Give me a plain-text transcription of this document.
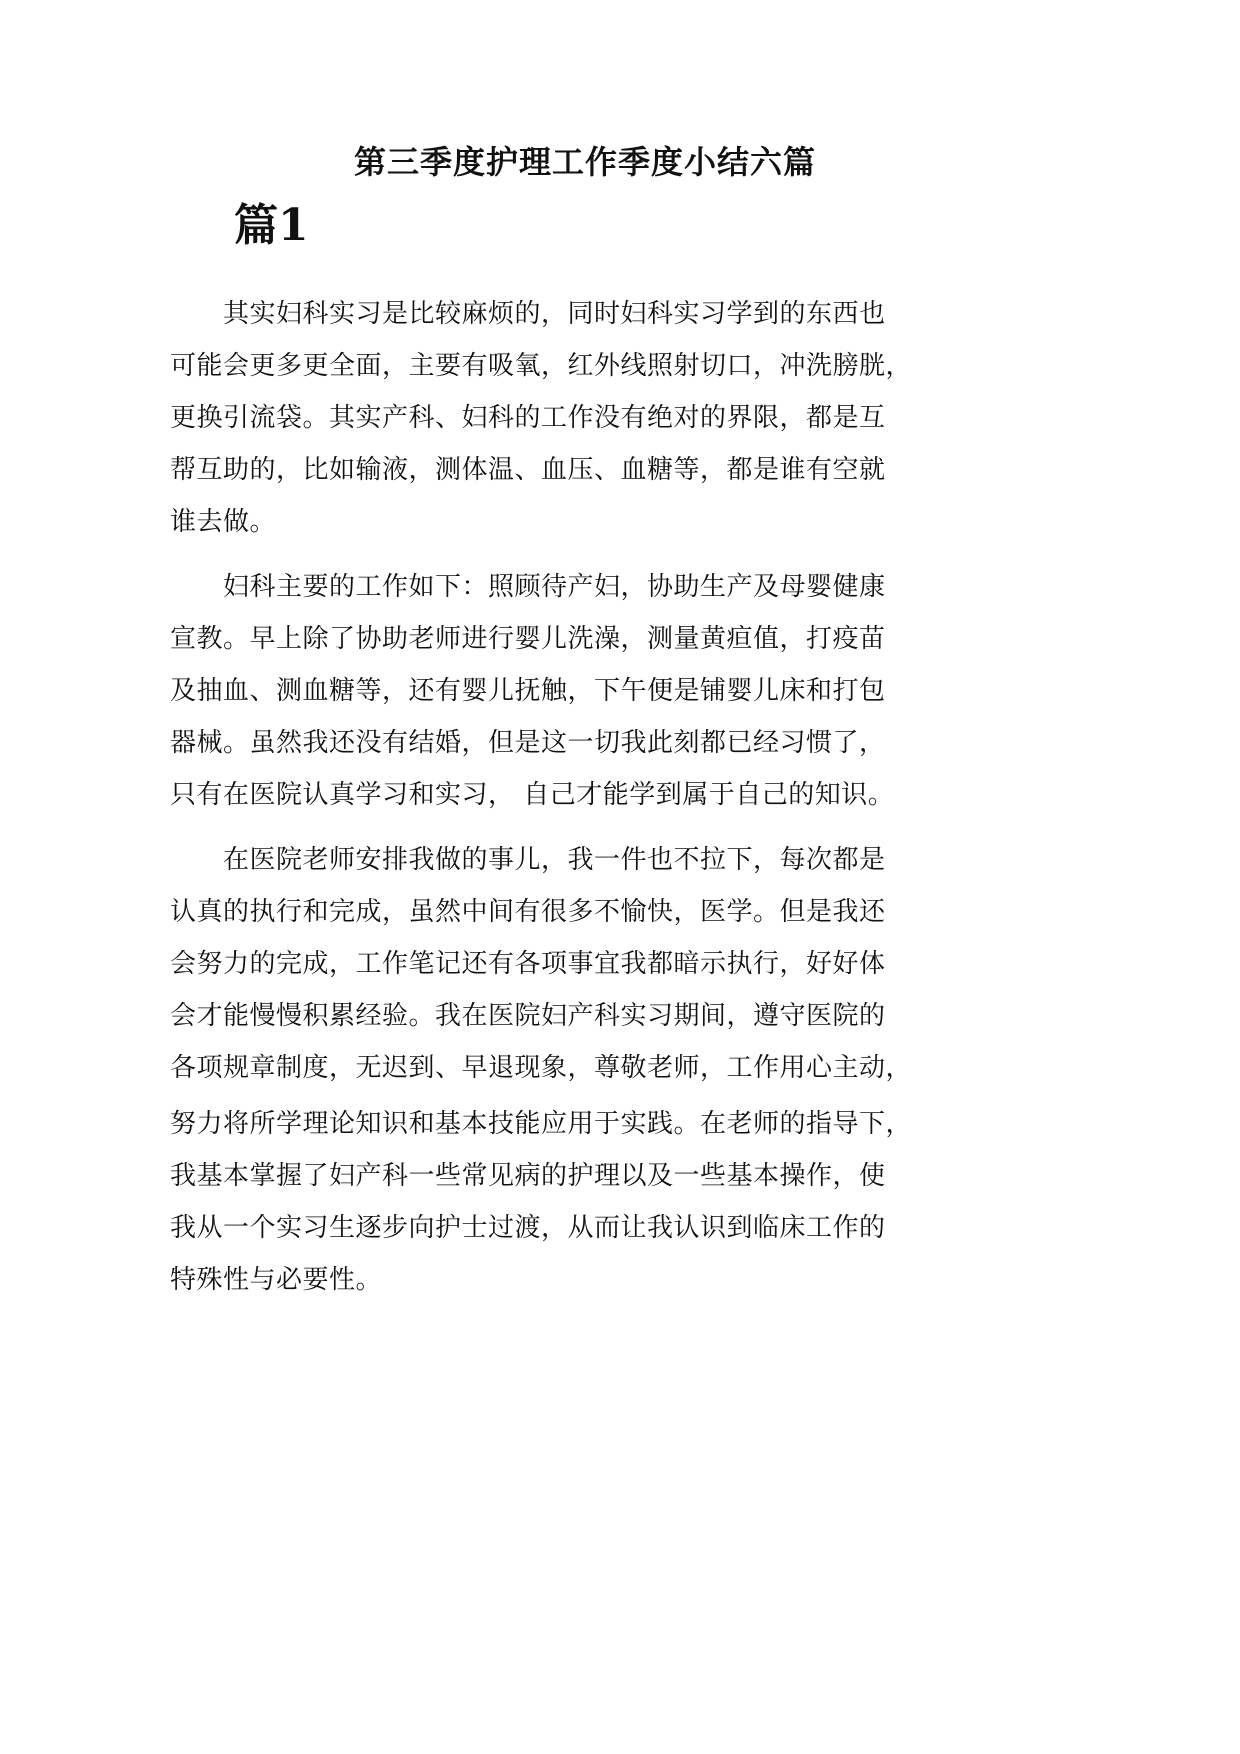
第三季度护理工作季度小结六篇
篇1
　　其实妇科实习是比较麻烦的，同时妇科实习学到的东西也
可能会更多更全面，主要有吸氧，红外线照射切口，冲洗膀胱，
更换引流袋。其实产科、妇科的工作没有绝对的界限，都是互
帮互助的，比如输液，测体温、血压、血糖等，都是谁有空就
谁去做。
　　妇科主要的工作如下：照顾待产妇，协助生产及母婴健康
宣教。早上除了协助老师进行婴儿洗澡，测量黄疸值，打疫苗
及抽血、测血糖等，还有婴儿抚触，下午便是铺婴儿床和打包
器械。虽然我还没有结婚，但是这一切我此刻都已经习惯了，
只有在医院认真学习和实习， 自己才能学到属于自己的知识。
　　在医院老师安排我做的事儿，我一件也不拉下，每次都是
认真的执行和完成，虽然中间有很多不愉快，医学。但是我还
会努力的完成，工作笔记还有各项事宜我都暗示执行，好好体
会才能慢慢积累经验。我在医院妇产科实习期间，遵守医院的
各项规章制度，无迟到、早退现象，尊敬老师，工作用心主动，
努力将所学理论知识和基本技能应用于实践。在老师的指导下，
我基本掌握了妇产科一些常见病的护理以及一些基本操作，使
我从一个实习生逐步向护士过渡，从而让我认识到临床工作的
特殊性与必要性。
